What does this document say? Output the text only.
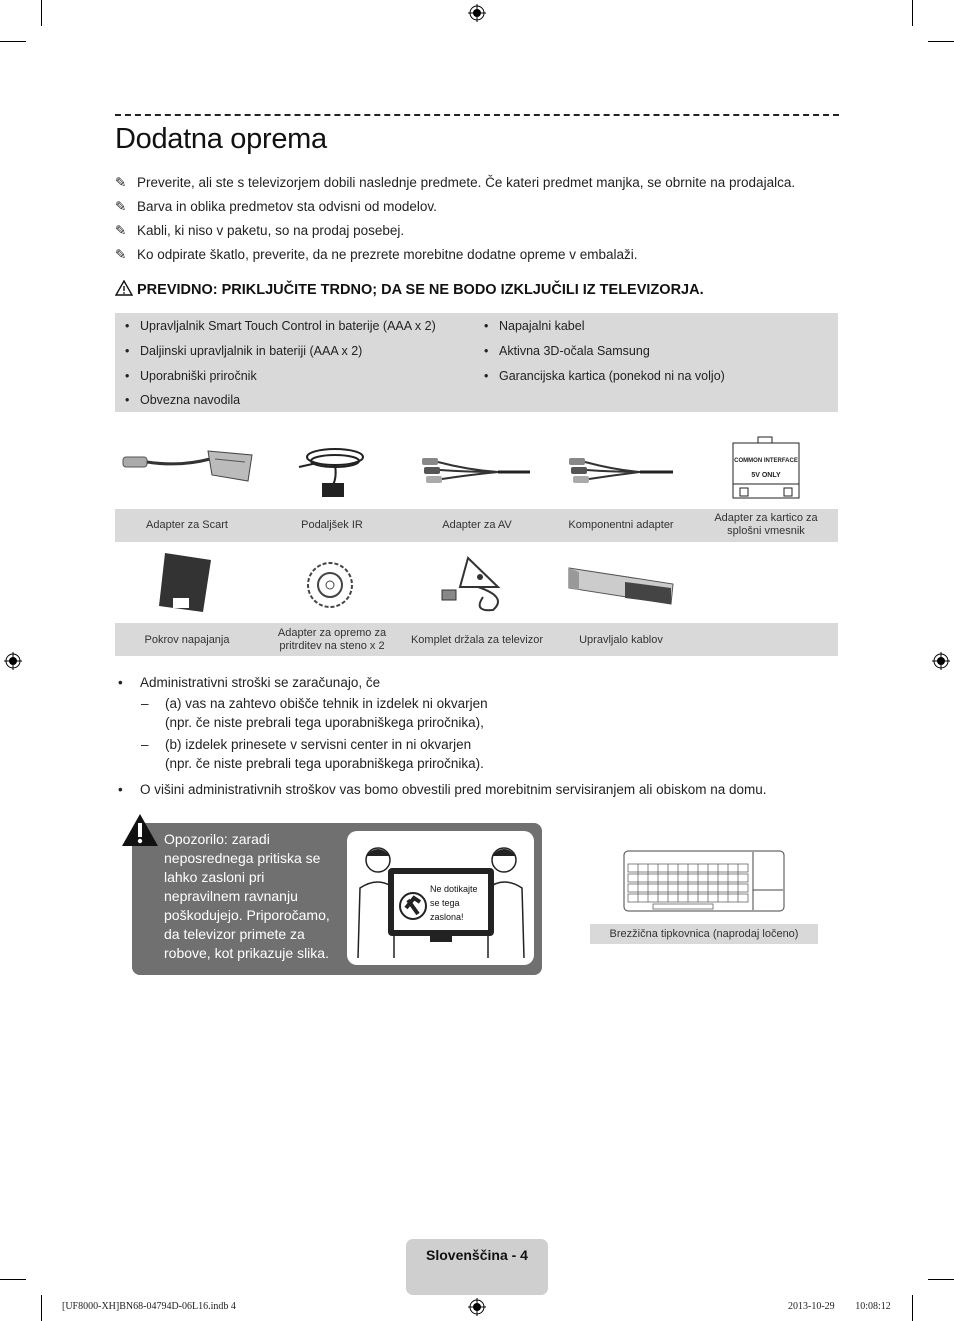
Dodatna oprema
✎ Preverite, ali ste s televizorjem dobili naslednje predmete. Če kateri predmet manjka, se obrnite na prodajalca.
✎ Barva in oblika predmetov sta odvisni od modelov.
✎ Kabli, ki niso v paketu, so na prodaj posebej.
✎ Ko odpirate škatlo, preverite, da ne prezrete morebitne dodatne opreme v embalaži.
PREVIDNO: PRIKLJUČITE TRDNO; DA SE NE BODO IZKLJUČILI IZ TELEVIZORJA.
• Upravljalnik Smart Touch Control in baterije (AAA x 2)
• Daljinski upravljalnik in bateriji (AAA x 2)
• Uporabniški priročnik
• Obvezna navodila
• Napajalni kabel
• Aktivna 3D-očala Samsung
• Garancijska kartica (ponekod ni na voljo)
COMMON INTERFACE
5V ONLY
Adapter za Scart	Podaljšek IR	Adapter za AV	Komponentni adapter
Adapter za kartico za splošni vmesnik
Pokrov napajanja
Adapter za opremo za pritrditev na steno x 2	Komplet držala za televizor	Upravljalo kablov
• Administrativni stroški se zaračunajo, če
– (a) vas na zahtevo obišče tehnik in izdelek ni okvarjen
(npr. če niste prebrali tega uporabniškega priročnika),
– (b) izdelek prinesete v servisni center in ni okvarjen
(npr. če niste prebrali tega uporabniškega priročnika).
• O višini administrativnih stroškov vas bomo obvestili pred morebitnim servisiranjem ali obiskom na domu.
Opozorilo: zaradi neposrednega pritiska se lahko zasloni pri nepravilnem ravnanju poškodujejo. Priporočamo, da televizor primete za robove, kot prikazuje slika.
Ne dotikajte se tega zaslona!
Brezžična tipkovnica (naprodaj ločeno)
Slovenščina - 4
[UF8000-XH]BN68-04794D-06L16.indb 4	2013-10-29 ￿￿ 10:08:12
